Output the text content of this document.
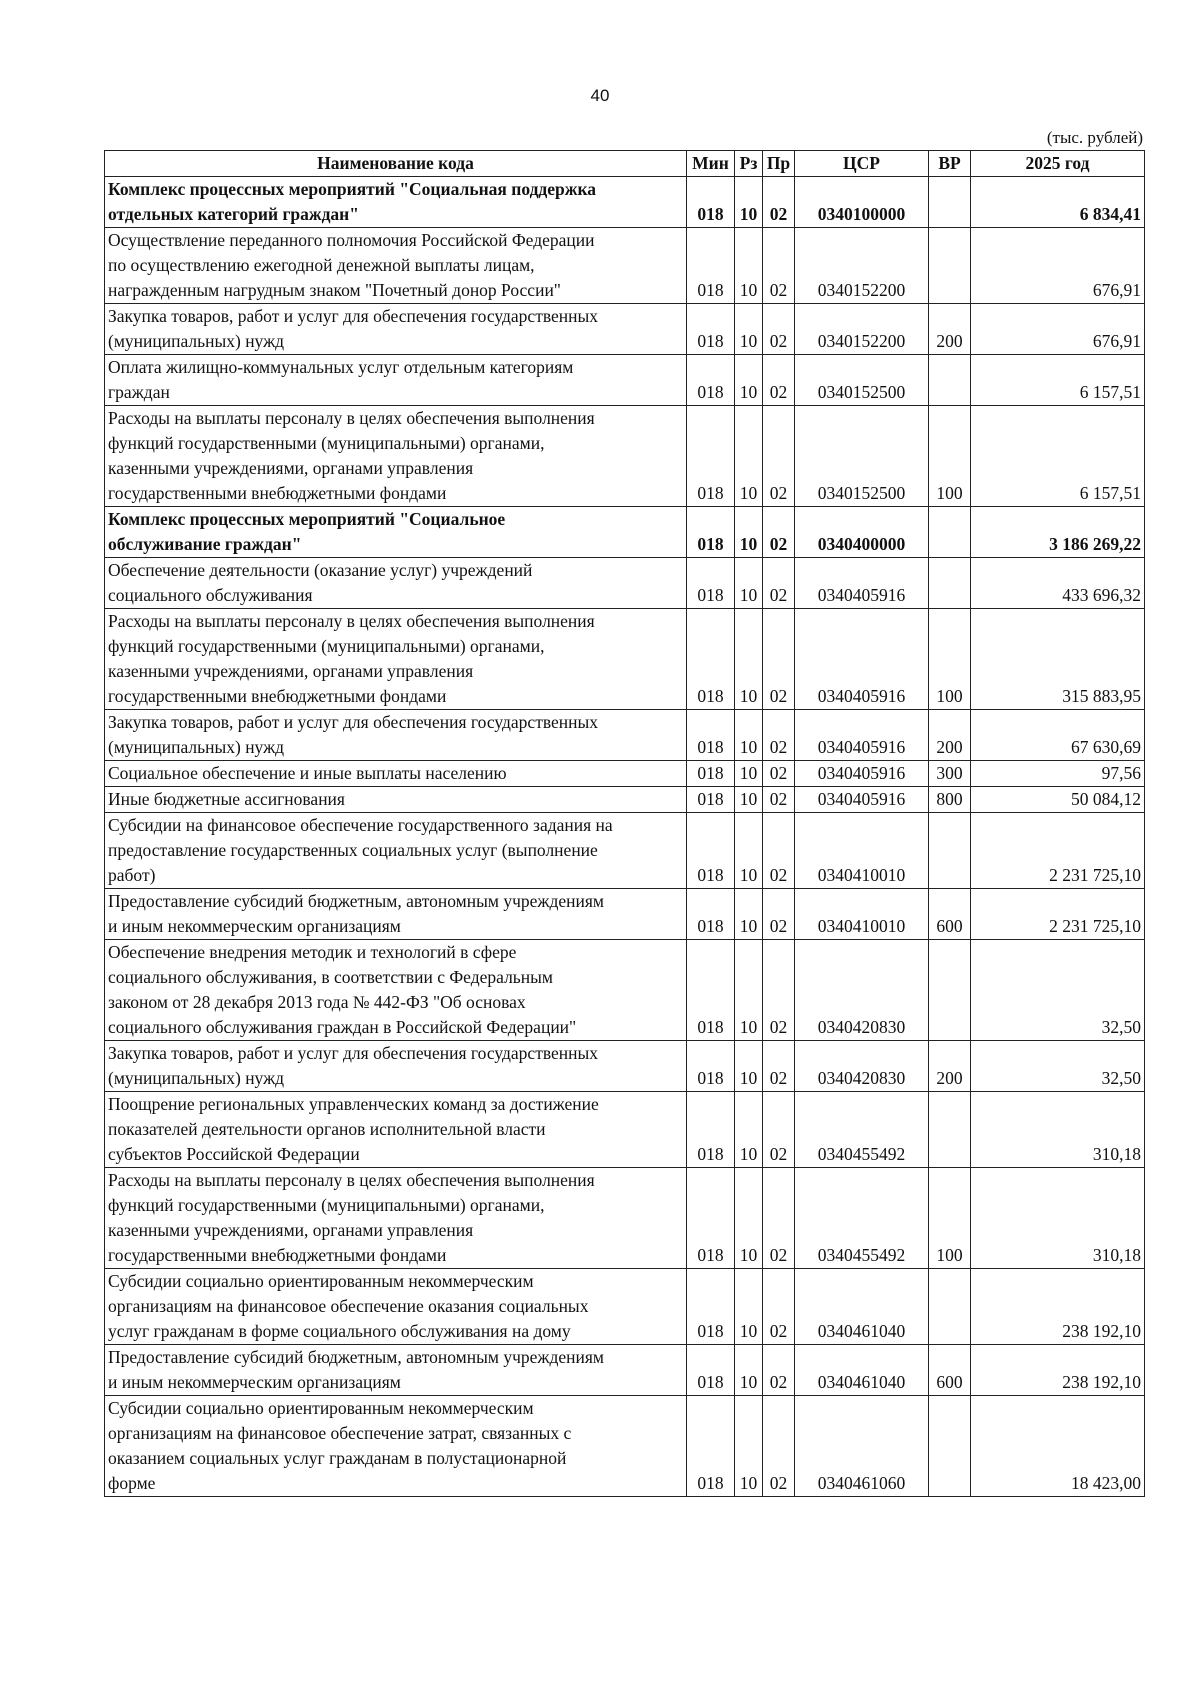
40
(тыс. рублей)
Наименование кода	Мин	Рз	Пр	ЦСР	ВР	2025 год
Комплекс процессных мероприятий "Социальная поддержка
отдельных категорий граждан"	018	10	02	0340100000		6 834,41
Осуществление переданного полномочия Российской Федерации
по осуществлению ежегодной денежной выплаты лицам,
награжденным нагрудным знаком "Почетный донор России"	018	10	02	0340152200		676,91
Закупка товаров, работ и услуг для обеспечения государственных
(муниципальных) нужд	018	10	02	0340152200	200	676,91
Оплата жилищно-коммунальных услуг отдельным категориям
граждан	018	10	02	0340152500		6 157,51
Расходы на выплаты персоналу в целях обеспечения выполнения
функций государственными (муниципальными) органами,
казенными учреждениями, органами управления
государственными внебюджетными фондами	018	10	02	0340152500	100	6 157,51
Комплекс процессных мероприятий "Социальное
обслуживание граждан"	018	10	02	0340400000		3 186 269,22
Обеспечение деятельности (оказание услуг) учреждений
социального обслуживания	018	10	02	0340405916		433 696,32
Расходы на выплаты персоналу в целях обеспечения выполнения
функций государственными (муниципальными) органами,
казенными учреждениями, органами управления
государственными внебюджетными фондами	018	10	02	0340405916	100	315 883,95
Закупка товаров, работ и услуг для обеспечения государственных
(муниципальных) нужд	018	10	02	0340405916	200	67 630,69
Социальное обеспечение и иные выплаты населению	018	10	02	0340405916	300	97,56
Иные бюджетные ассигнования	018	10	02	0340405916	800	50 084,12
Субсидии на финансовое обеспечение государственного задания на
предоставление государственных социальных услуг (выполнение
работ)	018	10	02	0340410010		2 231 725,10
Предоставление субсидий бюджетным, автономным учреждениям
и иным некоммерческим организациям	018	10	02	0340410010	600	2 231 725,10
Обеспечение внедрения методик и технологий в сфере
социального обслуживания, в соответствии с Федеральным
законом от 28 декабря 2013 года № 442-ФЗ "Об основах
социального обслуживания граждан в Российской Федерации"	018	10	02	0340420830		32,50
Закупка товаров, работ и услуг для обеспечения государственных
(муниципальных) нужд	018	10	02	0340420830	200	32,50
Поощрение региональных управленческих команд за достижение
показателей деятельности органов исполнительной власти
субъектов Российской Федерации	018	10	02	0340455492		310,18
Расходы на выплаты персоналу в целях обеспечения выполнения
функций государственными (муниципальными) органами,
казенными учреждениями, органами управления
государственными внебюджетными фондами	018	10	02	0340455492	100	310,18
Субсидии социально ориентированным некоммерческим
организациям на финансовое обеспечение оказания социальных
услуг гражданам в форме социального обслуживания на дому	018	10	02	0340461040		238 192,10
Предоставление субсидий бюджетным, автономным учреждениям
и иным некоммерческим организациям	018	10	02	0340461040	600	238 192,10
Субсидии социально ориентированным некоммерческим
организациям на финансовое обеспечение затрат, связанных с
оказанием социальных услуг гражданам в полустационарной
форме	018	10	02	0340461060		18 423,00
